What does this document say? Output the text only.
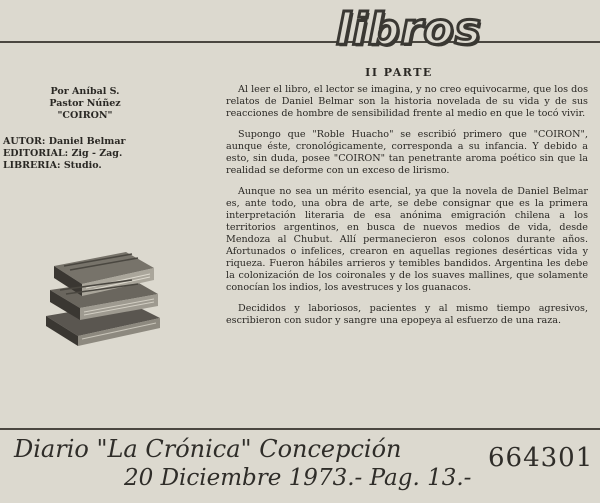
libros
Por Aníbal S.
Pastor Núñez
"COIRON"
AUTOR: Daniel Belmar
EDITORIAL: Zig - Zag.
LIBRERIA: Studio.
II PARTE

Al leer el libro, el lector se imagina, y no creo equivocarme, que los dos relatos de Daniel Belmar son la historia novelada de su vida y de sus reacciones de hombre de sensibilidad frente al medio en que le tocó vivir.

Supongo que "Roble Huacho" se escribió primero que "COIRON", aunque éste, cronológicamente, corresponda a su infancia. Y debido a esto, sin duda, posee "COIRON" tan penetrante aroma poético sin que la realidad se deforme con un exceso de lirismo.

Aunque no sea un mérito esencial, ya que la novela de Daniel Belmar es, ante todo, una obra de arte, se debe consignar que es la primera interpretación literaria de esa anónima emigración chilena a los territorios argentinos, en busca de nuevos medios de vida, desde Mendoza al Chubut. Allí permanecieron esos colonos durante años. Afortunados o infelices, crearon en aquellas regiones desérticas vida y riqueza. Fueron hábiles arrieros y temibles bandidos. Argentina les debe la colonización de los coironales y de los suaves mallines, que solamente conocían los indios, los avestruces y los guanacos.

Decididos y laboriosos, pacientes y al mismo tiempo agresivos, escribieron con sudor y sangre una epopeya al esfuerzo de una raza.

Diario "La Crónica" Concepción
20 Diciembre 1973.- Pag. 13.-
664301
